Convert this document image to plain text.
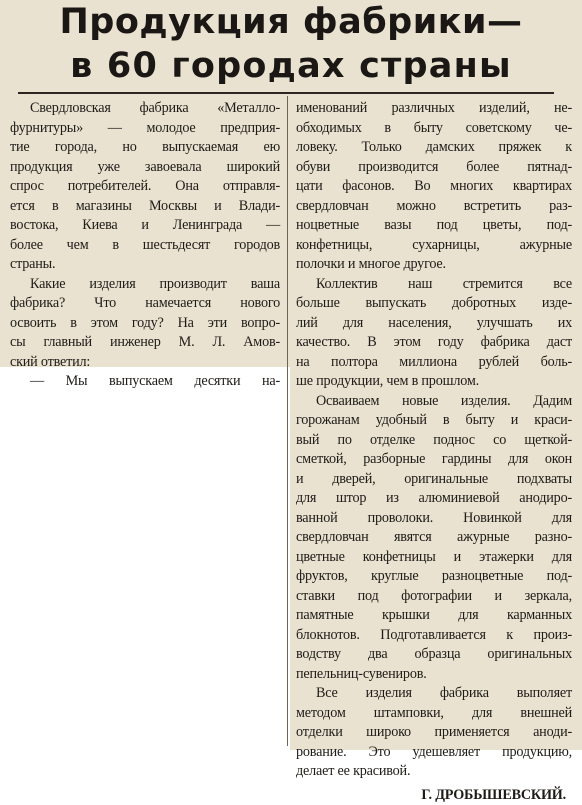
Продукция фабрики—
в 60 городах страны

Свердловская фабрика «Металло-
фурнитуры» — молодое предприя-
тие города, но выпускаемая ею
продукция уже завоевала широкий
спрос потребителей. Она отправля-
ется в магазины Москвы и Влади-
востока, Киева и Ленинграда —
более чем в шестьдесят городов
страны.

Какие изделия производит ваша
фабрика? Что намечается нового
освоить в этом году? На эти вопро-
сы главный инженер М. Л. Амов-
ский ответил:

— Мы выпускаем десятки на-

именований различных изделий, не-
обходимых в быту советскому че-
ловеку. Только дамских пряжек к
обуви производится более пятнад-
цати фасонов. Во многих квартирах
свердловчан можно встретить раз-
ноцветные вазы под цветы, под-
конфетницы, сухарницы, ажурные
полочки и многое другое.

Коллектив наш стремится все
больше выпускать добротных изде-
лий для населения, улучшать их
качество. В этом году фабрика даст
на полтора миллиона рублей боль-
ше продукции, чем в прошлом.

Осваиваем новые изделия. Дадим
горожанам удобный в быту и краси-
вый по отделке поднос со щеткой-
сметкой, разборные гардины для окон
и дверей, оригинальные подхваты
для штор из алюминиевой анодиро-
ванной проволоки. Новинкой для
свердловчан явятся ажурные разно-
цветные конфетницы и этажерки для
фруктов, круглые разноцветные под-
ставки под фотографии и зеркала,
памятные крышки для карманных
блокнотов. Подготавливается к произ-
водству два образца оригинальных
пепельниц-сувениров.

Все изделия фабрика выполяет
методом штамповки, для внешней
отделки широко применяется аноди-
рование. Это удешевляет продукцию,
делает ее красивой.

Г. ДРОБЫШЕВСКИЙ.
